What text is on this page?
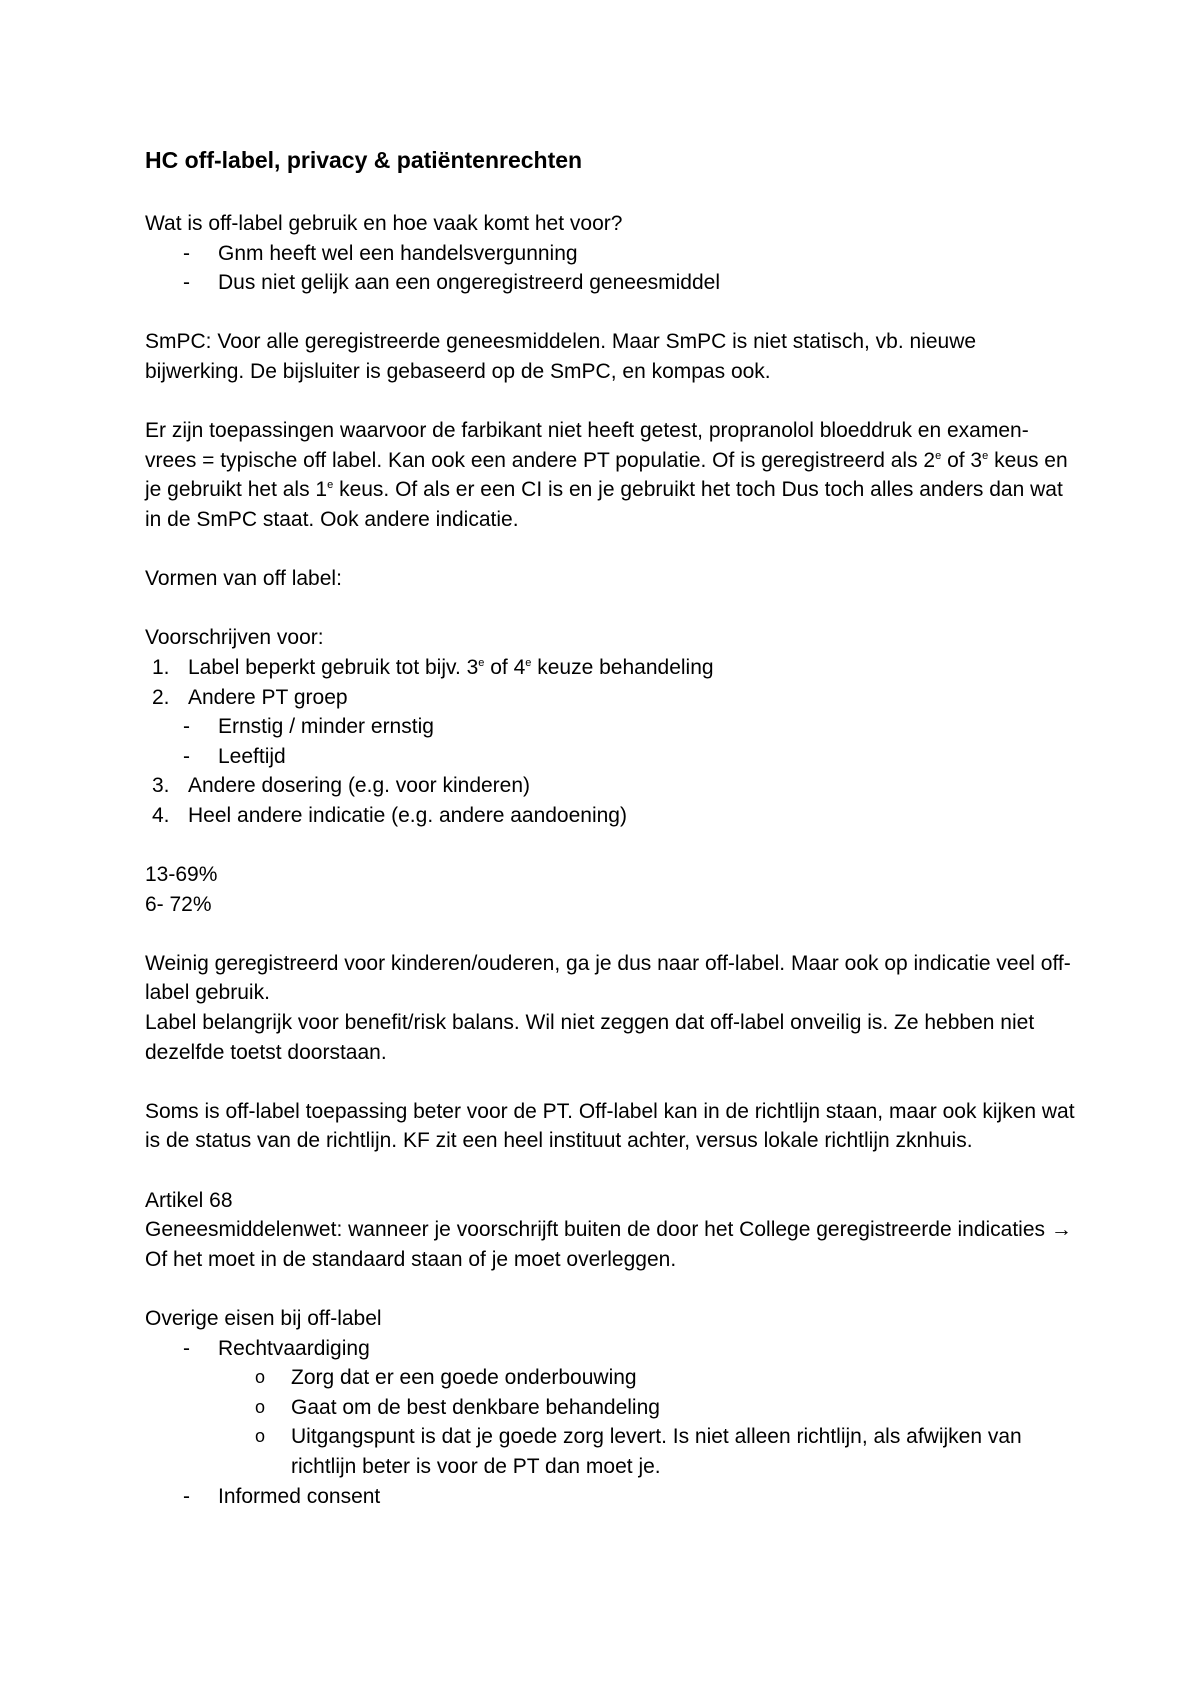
HC off-label, privacy & patiëntenrechten

Wat is off-label gebruik en hoe vaak komt het voor?

- Gnm heeft wel een handelsvergunning
- Dus niet gelijk aan een ongeregistreerd geneesmiddel

SmPC: Voor alle geregistreerde geneesmiddelen. Maar SmPC is niet statisch, vb. nieuwe bijwerking. De bijsluiter is gebaseerd op de SmPC, en kompas ook.

Er zijn toepassingen waarvoor de farbikant niet heeft getest, propranolol bloeddruk en examen-vrees = typische off label. Kan ook een andere PT populatie. Of is geregistreerd als 2e of 3e keus en je gebruikt het als 1e keus. Of als er een CI is en je gebruikt het toch Dus toch alles anders dan wat in de SmPC staat. Ook andere indicatie.

Vormen van off label:

Voorschrijven voor:

1. Label beperkt gebruik tot bijv. 3e of 4e keuze behandeling
2. Andere PT groep
- Ernstig / minder ernstig
- Leeftijd
3. Andere dosering (e.g. voor kinderen)
4. Heel andere indicatie (e.g. andere aandoening)

13-69%

6- 72%

Weinig geregistreerd voor kinderen/ouderen, ga je dus naar off-label. Maar ook op indicatie veel off-label gebruik.

Label belangrijk voor benefit/risk balans. Wil niet zeggen dat off-label onveilig is. Ze hebben niet dezelfde toetst doorstaan.

Soms is off-label toepassing beter voor de PT. Off-label kan in de richtlijn staan, maar ook kijken wat is de status van de richtlijn. KF zit een heel instituut achter, versus lokale richtlijn zknhuis.

Artikel 68

Geneesmiddelenwet: wanneer je voorschrijft buiten de door het College geregistreerde indicaties → Of het moet in de standaard staan of je moet overleggen.

Overige eisen bij off-label

- Rechtvaardiging
o Zorg dat er een goede onderbouwing
o Gaat om de best denkbare behandeling
o Uitgangspunt is dat je goede zorg levert. Is niet alleen richtlijn, als afwijken van richtlijn beter is voor de PT dan moet je.
- Informed consent
